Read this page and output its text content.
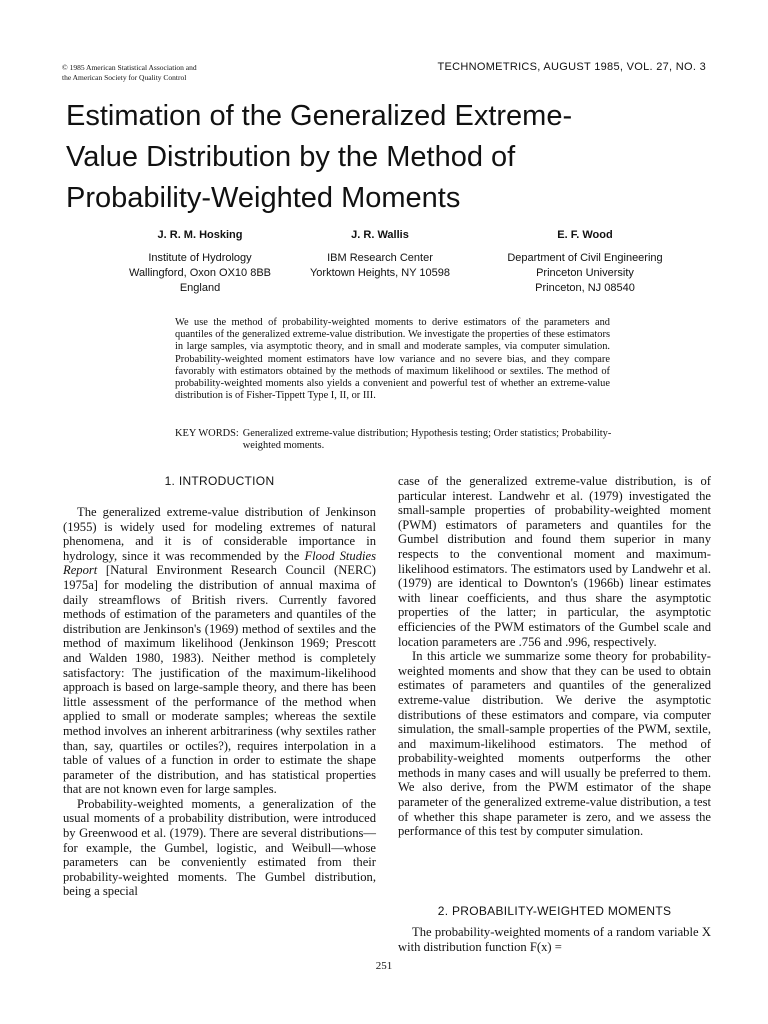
© 1985 American Statistical Association and
the American Society for Quality Control
TECHNOMETRICS, AUGUST 1985, VOL. 27, NO. 3
Estimation of the Generalized Extreme-
Value Distribution by the Method of
Probability-Weighted Moments
J. R. M. Hosking
Institute of Hydrology
Wallingford, Oxon OX10 8BB
England
J. R. Wallis
IBM Research Center
Yorktown Heights, NY 10598
E. F. Wood
Department of Civil Engineering
Princeton University
Princeton, NJ 08540
We use the method of probability-weighted moments to derive estimators of the parameters and quantiles of the generalized extreme-value distribution. We investigate the properties of these estimators in large samples, via asymptotic theory, and in small and moderate samples, via computer simulation. Probability-weighted moment estimators have low variance and no severe bias, and they compare favorably with estimators obtained by the methods of maximum likelihood or sextiles. The method of probability-weighted moments also yields a convenient and powerful test of whether an extreme-value distribution is of Fisher-Tippett Type I, II, or III.
KEY WORDS: Generalized extreme-value distribution; Hypothesis testing; Order statistics; Probability-weighted moments.
1. INTRODUCTION

The generalized extreme-value distribution of Jenkinson (1955) is widely used for modeling extremes of natural phenomena, and it is of considerable importance in hydrology, since it was recommended by the Flood Studies Report [Natural Environment Research Council (NERC) 1975a] for modeling the distribution of annual maxima of daily streamflows of British rivers. Currently favored methods of estimation of the parameters and quantiles of the distribution are Jenkinson's (1969) method of sextiles and the method of maximum likelihood (Jenkinson 1969; Prescott and Walden 1980, 1983). Neither method is completely satisfactory: The justification of the maximum-likelihood approach is based on large-sample theory, and there has been little assessment of the performance of the method when applied to small or moderate samples; whereas the sextile method involves an inherent arbitrariness (why sextiles rather than, say, quartiles or octiles?), requires interpolation in a table of values of a function in order to estimate the shape parameter of the distribution, and has statistical properties that are not known even for large samples.

Probability-weighted moments, a generalization of the usual moments of a probability distribution, were introduced by Greenwood et al. (1979). There are several distributions—for example, the Gumbel, logistic, and Weibull—whose parameters can be conveniently estimated from their probability-weighted moments. The Gumbel distribution, being a special

case of the generalized extreme-value distribution, is of particular interest. Landwehr et al. (1979) investigated the small-sample properties of probability-weighted moment (PWM) estimators of parameters and quantiles for the Gumbel distribution and found them superior in many respects to the conventional moment and maximum-likelihood estimators. The estimators used by Landwehr et al. (1979) are identical to Downton's (1966b) linear estimates with linear coefficients, and thus share the asymptotic properties of the latter; in particular, the asymptotic efficiencies of the PWM estimators of the Gumbel scale and location parameters are .756 and .996, respectively.

In this article we summarize some theory for probability-weighted moments and show that they can be used to obtain estimates of parameters and quantiles of the generalized extreme-value distribution. We derive the asymptotic distributions of these estimators and compare, via computer simulation, the small-sample properties of the PWM, sextile, and maximum-likelihood estimators. The method of probability-weighted moments outperforms the other methods in many cases and will usually be preferred to them. We also derive, from the PWM estimator of the shape parameter of the generalized extreme-value distribution, a test of whether this shape parameter is zero, and we assess the performance of this test by computer simulation.

2. PROBABILITY-WEIGHTED MOMENTS

The probability-weighted moments of a random variable X with distribution function F(x) =

251
